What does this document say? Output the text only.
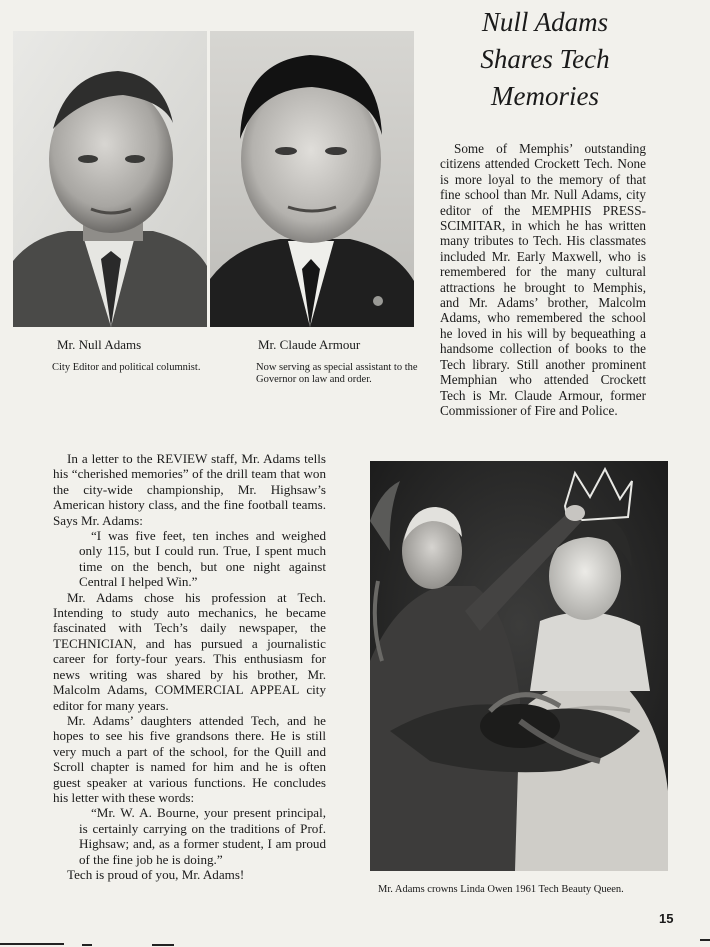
Mr. Null Adams
City Editor and political columnist.
Mr. Claude Armour
Now serving as special assistant to the Governor on law and order.
Null Adams
Shares Tech
Memories
Some of Memphis’ outstanding citizens attended Crockett Tech. None is more loyal to the memory of that fine school than Mr. Null Adams, city editor of the MEMPHIS PRESS-SCIMITAR, in which he has written many tributes to Tech. His classmates included Mr. Early Maxwell, who is remembered for the many cultural attractions he brought to Memphis, and Mr. Adams’ brother, Malcolm Adams, who remembered the school he loved in his will by bequeathing a handsome collection of books to the Tech library. Still another prominent Memphian who attended Crockett Tech is Mr. Claude Armour, former Commissioner of Fire and Police.

In a letter to the REVIEW staff, Mr. Adams tells his “cherished memories” of the drill team that won the city-wide championship, Mr. Highsaw’s American history class, and the fine football teams. Says Mr. Adams:

“I was five feet, ten inches and weighed only 115, but I could run. True, I spent much time on the bench, but one night against Central I helped Win.”

Mr. Adams chose his profession at Tech. Intending to study auto mechanics, he became fascinated with Tech’s daily newspaper, the TECHNICIAN, and has pursued a journalistic career for forty-four years. This enthusiasm for news writing was shared by his brother, Mr. Malcolm Adams, COMMERCIAL APPEAL city editor for many years.

Mr. Adams’ daughters attended Tech, and he hopes to see his five grandsons there. He is still very much a part of the school, for the Quill and Scroll chapter is named for him and he is often guest speaker at various functions. He concludes his letter with these words:

“Mr. W. A. Bourne, your present principal, is certainly carrying on the traditions of Prof. Highsaw; and, as a former student, I am proud of the fine job he is doing.”

Tech is proud of you, Mr. Adams!

Mr. Adams crowns Linda Owen 1961 Tech Beauty Queen.
15
